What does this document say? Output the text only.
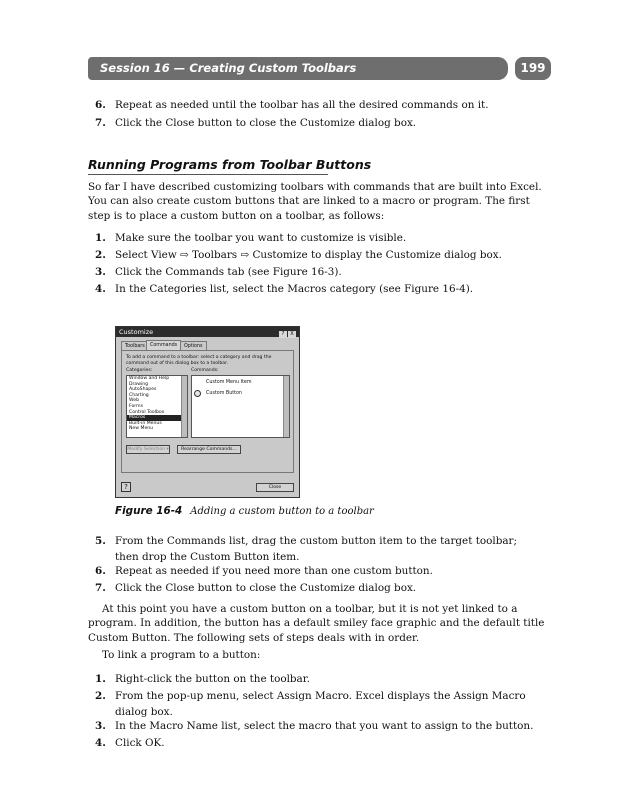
Session 16 — Creating Custom Toolbars	199
6. Repeat as needed until the toolbar has all the desired commands on it.
7. Click the Close button to close the Customize dialog box.
Running Programs from Toolbar Buttons
So far I have described customizing toolbars with commands that are built into Excel. You can also create custom buttons that are linked to a macro or program. The first step is to place a custom button on a toolbar, as follows:
1. Make sure the toolbar you want to customize is visible.
2. Select View ⇨ Toolbars ⇨ Customize to display the Customize dialog box.
3. Click the Commands tab (see Figure 16-3).
4. In the Categories list, select the Macros category (see Figure 16-4).
Customize	? X
Toolbars	Commands	Options
To add a command to a toolbar: select a category and drag the command out of this dialog box to a toolbar.
Categories:	Commands:
Window and Help
Drawing
AutoShapes
Charting
Web
Forms
Control Toolbox
Macros
Built-in Menus
New Menu
Custom Menu Item
Custom Button
Modify Selection ▾	Rearrange Commands...
?	Close
Figure 16-4 Adding a custom button to a toolbar
5. From the Commands list, drag the custom button item to the target toolbar; then drop the Custom Button item.
6. Repeat as needed if you need more than one custom button.
7. Click the Close button to close the Customize dialog box.
At this point you have a custom button on a toolbar, but it is not yet linked to a program. In addition, the button has a default smiley face graphic and the default title Custom Button. The following sets of steps deals with in order.
To link a program to a button:
1. Right-click the button on the toolbar.
2. From the pop-up menu, select Assign Macro. Excel displays the Assign Macro dialog box.
3. In the Macro Name list, select the macro that you want to assign to the button.
4. Click OK.
